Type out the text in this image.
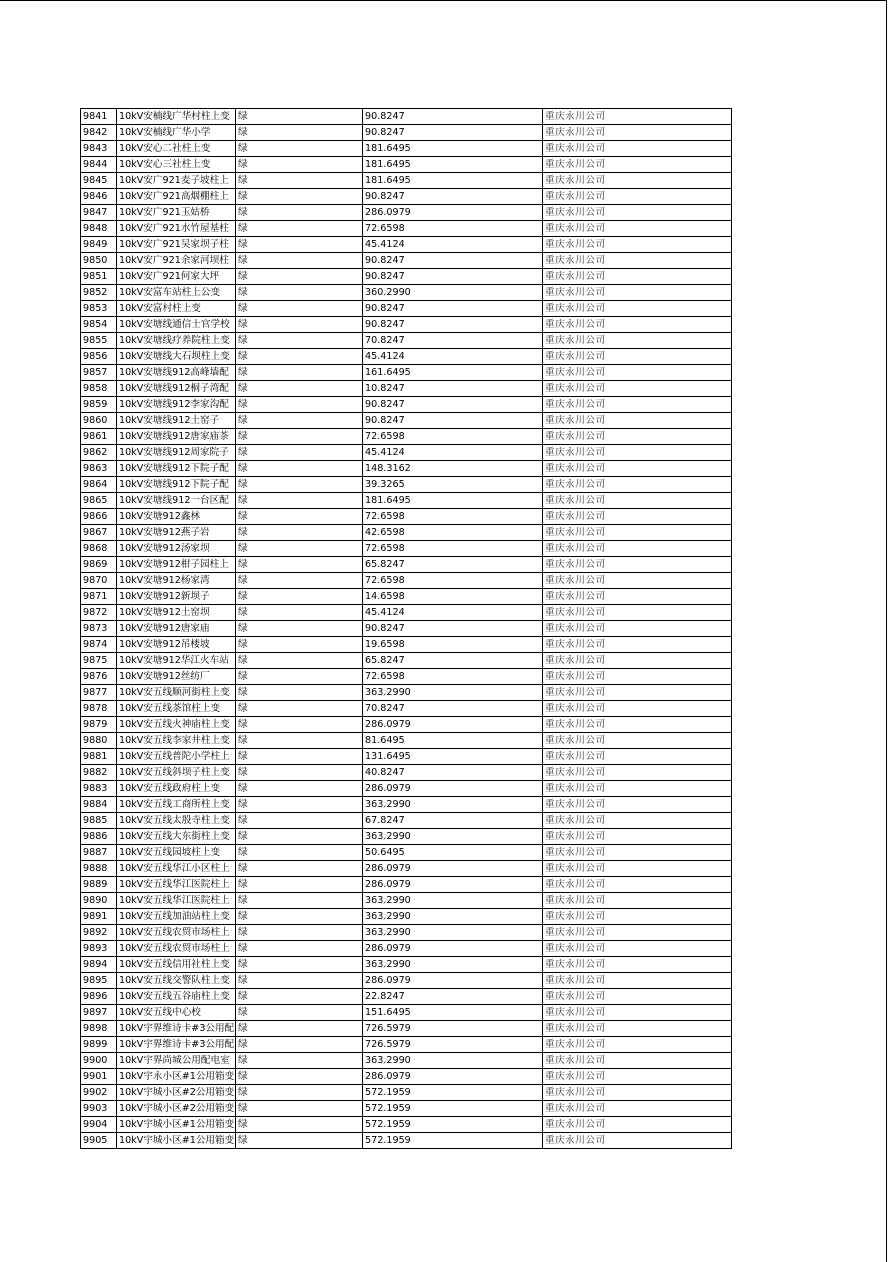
9841	10kV安楠线广华村柱上变	绿	90.8247	重庆永川公司
9842	10kV安楠线广华小学	绿	90.8247	重庆永川公司
9843	10kV安心二社柱上变	绿	181.6495	重庆永川公司
9844	10kV安心三社柱上变	绿	181.6495	重庆永川公司
9845	10kV安广921麦子坡柱上	绿	181.6495	重庆永川公司
9846	10kV安广921高烟棚柱上	绿	90.8247	重庆永川公司
9847	10kV安广921玉姑桥	绿	286.0979	重庆永川公司
9848	10kV安广921水竹屋基柱	绿	72.6598	重庆永川公司
9849	10kV安广921吴家坝子柱	绿	45.4124	重庆永川公司
9850	10kV安广921余家河坝柱	绿	90.8247	重庆永川公司
9851	10kV安广921何家大坪	绿	90.8247	重庆永川公司
9852	10kV安富车站柱上公变	绿	360.2990	重庆永川公司
9853	10kV安富村柱上变	绿	90.8247	重庆永川公司
9854	10kV安塘线通信士官学校	绿	90.8247	重庆永川公司
9855	10kV安塘线疗养院柱上变	绿	70.8247	重庆永川公司
9856	10kV安塘线大石坝柱上变	绿	45.4124	重庆永川公司
9857	10kV安塘线912高峰墙配	绿	161.6495	重庆永川公司
9858	10kV安塘线912桐子湾配	绿	10.8247	重庆永川公司
9859	10kV安塘线912李家沟配	绿	90.8247	重庆永川公司
9860	10kV安塘线912土窑子	绿	90.8247	重庆永川公司
9861	10kV安塘线912唐家庙茶	绿	72.6598	重庆永川公司
9862	10kV安塘线912周家院子	绿	45.4124	重庆永川公司
9863	10kV安塘线912下院子配	绿	148.3162	重庆永川公司
9864	10kV安塘线912下院子配	绿	39.3265	重庆永川公司
9865	10kV安塘线912一台区配	绿	181.6495	重庆永川公司
9866	10kV安塘912鑫林	绿	72.6598	重庆永川公司
9867	10kV安塘912燕子岩	绿	42.6598	重庆永川公司
9868	10kV安塘912汤家坝	绿	72.6598	重庆永川公司
9869	10kV安塘912柑子园柱上	绿	65.8247	重庆永川公司
9870	10kV安塘912杨家湾	绿	72.6598	重庆永川公司
9871	10kV安塘912新坝子	绿	14.6598	重庆永川公司
9872	10kV安塘912土窑坝	绿	45.4124	重庆永川公司
9873	10kV安塘912唐家庙	绿	90.8247	重庆永川公司
9874	10kV安塘912吊楼坡	绿	19.6598	重庆永川公司
9875	10kV安塘912华江火车站	绿	65.8247	重庆永川公司
9876	10kV安塘912丝纺厂	绿	72.6598	重庆永川公司
9877	10kV安五线顺河街柱上变	绿	363.2990	重庆永川公司
9878	10kV安五线茶馆柱上变	绿	70.8247	重庆永川公司
9879	10kV安五线火神庙柱上变	绿	286.0979	重庆永川公司
9880	10kV安五线李家井柱上变	绿	81.6495	重庆永川公司
9881	10kV安五线普陀小学柱上	绿	131.6495	重庆永川公司
9882	10kV安五线斜坝子柱上变	绿	40.8247	重庆永川公司
9883	10kV安五线政府柱上变	绿	286.0979	重庆永川公司
9884	10kV安五线工商所柱上变	绿	363.2990	重庆永川公司
9885	10kV安五线太殷寺柱上变	绿	67.8247	重庆永川公司
9886	10kV安五线大东街柱上变	绿	363.2990	重庆永川公司
9887	10kV安五线园坡柱上变	绿	50.6495	重庆永川公司
9888	10kV安五线华江小区柱上	绿	286.0979	重庆永川公司
9889	10kV安五线华江医院柱上	绿	286.0979	重庆永川公司
9890	10kV安五线华江医院柱上	绿	363.2990	重庆永川公司
9891	10kV安五线加油站柱上变	绿	363.2990	重庆永川公司
9892	10kV安五线农贸市场柱上	绿	363.2990	重庆永川公司
9893	10kV安五线农贸市场柱上	绿	286.0979	重庆永川公司
9894	10kV安五线信用社柱上变	绿	363.2990	重庆永川公司
9895	10kV安五线交警队柱上变	绿	286.0979	重庆永川公司
9896	10kV安五线五谷庙柱上变	绿	22.8247	重庆永川公司
9897	10kV安五线中心校	绿	151.6495	重庆永川公司
9898	10kV宇界维诗卡#3公用配	绿	726.5979	重庆永川公司
9899	10kV宇界维诗卡#3公用配	绿	726.5979	重庆永川公司
9900	10kV宇界尚城公用配电室	绿	363.2990	重庆永川公司
9901	10kV宇永小区#1公用箱变	绿	286.0979	重庆永川公司
9902	10kV宇城小区#2公用箱变	绿	572.1959	重庆永川公司
9903	10kV宇城小区#2公用箱变	绿	572.1959	重庆永川公司
9904	10kV宇城小区#1公用箱变	绿	572.1959	重庆永川公司
9905	10kV宇城小区#1公用箱变	绿	572.1959	重庆永川公司
